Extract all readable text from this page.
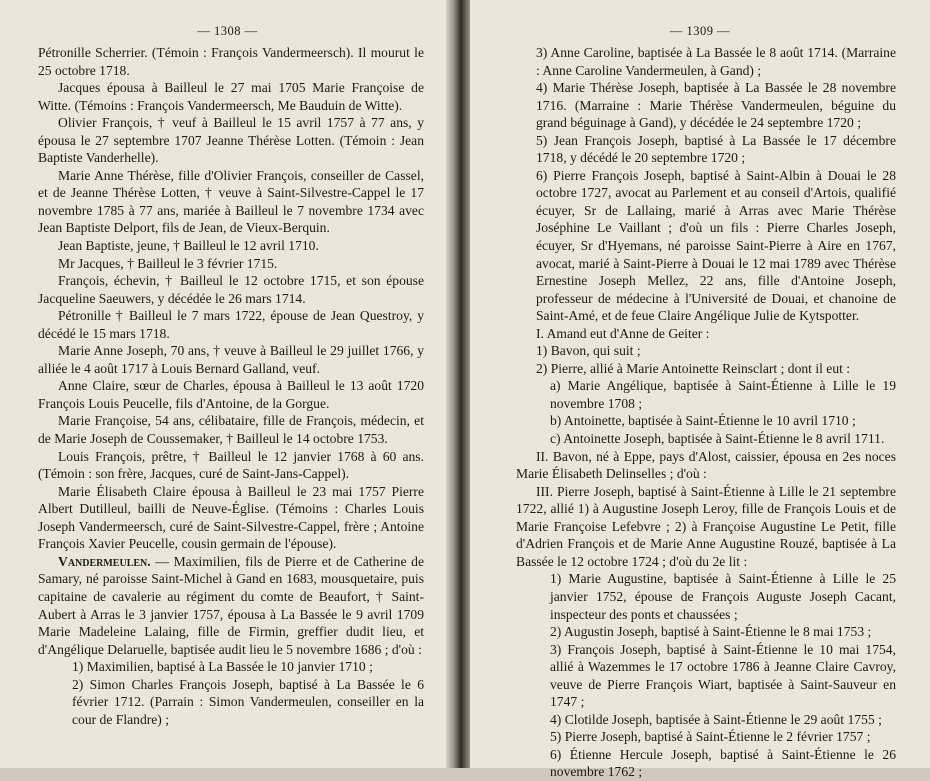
— 1308 —

Pétronille Scherrier. (Témoin : François Vandermeersch). Il mourut le 25 octobre 1718.

Jacques épousa à Bailleul le 27 mai 1705 Marie Françoise de Witte. (Témoins : François Vandermeersch, Me Bauduin de Witte).

Olivier François, † veuf à Bailleul le 15 avril 1757 à 77 ans, y épousa le 27 septembre 1707 Jeanne Thérèse Lotten. (Témoin : Jean Baptiste Vanderhelle).

Marie Anne Thérèse, fille d'Olivier François, conseiller de Cassel, et de Jeanne Thérèse Lotten, † veuve à Saint-Silvestre-Cappel le 17 novembre 1785 à 77 ans, mariée à Bailleul le 7 novembre 1734 avec Jean Baptiste Delport, fils de Jean, de Vieux-Berquin.

Jean Baptiste, jeune, † Bailleul le 12 avril 1710.

Mr Jacques, † Bailleul le 3 février 1715.

François, échevin, † Bailleul le 12 octobre 1715, et son épouse Jacqueline Saeuwers, y décédée le 26 mars 1714.

Pétronille † Bailleul le 7 mars 1722, épouse de Jean Questroy, y décédé le 15 mars 1718.

Marie Anne Joseph, 70 ans, † veuve à Bailleul le 29 juillet 1766, y alliée le 4 août 1717 à Louis Bernard Galland, veuf.

Anne Claire, sœur de Charles, épousa à Bailleul le 13 août 1720 François Louis Peucelle, fils d'Antoine, de la Gorgue.

Marie Françoise, 54 ans, célibataire, fille de François, médecin, et de Marie Joseph de Coussemaker, † Bailleul le 14 octobre 1753.

Louis François, prêtre, † Bailleul le 12 janvier 1768 à 60 ans. (Témoin : son frère, Jacques, curé de Saint-Jans-Cappel).

Marie Élisabeth Claire épousa à Bailleul le 23 mai 1757 Pierre Albert Dutilleul, bailli de Neuve-Église. (Témoins : Charles Louis Joseph Vandermeersch, curé de Saint-Silvestre-Cappel, frère ; Antoine François Xavier Peucelle, cousin germain de l'épouse).

Vandermeulen. — Maximilien, fils de Pierre et de Catherine de Samary, né paroisse Saint-Michel à Gand en 1683, mousquetaire, puis capitaine de cavalerie au régiment du comte de Beaufort, † Saint-Aubert à Arras le 3 janvier 1757, épousa à La Bassée le 9 avril 1709 Marie Madeleine Lalaing, fille de Firmin, greffier dudit lieu, et d'Angélique Delaruelle, baptisée audit lieu le 5 novembre 1686 ; d'où :

1) Maximilien, baptisé à La Bassée le 10 janvier 1710 ;

2) Simon Charles François Joseph, baptisé à La Bassée le 6 février 1712. (Parrain : Simon Vandermeulen, conseiller en la cour de Flandre) ;

— 1309 —

3) Anne Caroline, baptisée à La Bassée le 8 août 1714. (Marraine : Anne Caroline Vandermeulen, à Gand) ;

4) Marie Thérèse Joseph, baptisée à La Bassée le 28 novembre 1716. (Marraine : Marie Thérèse Vandermeulen, béguine du grand béguinage à Gand), y décédée le 24 septembre 1720 ;

5) Jean François Joseph, baptisé à La Bassée le 17 décembre 1718, y décédé le 20 septembre 1720 ;

6) Pierre François Joseph, baptisé à Saint-Albin à Douai le 28 octobre 1727, avocat au Parlement et au conseil d'Artois, qualifié écuyer, Sr de Lallaing, marié à Arras avec Marie Thérèse Joséphine Le Vaillant ; d'où un fils : Pierre Charles Joseph, écuyer, Sr d'Hyemans, né paroisse Saint-Pierre à Aire en 1767, avocat, marié à Saint-Pierre à Douai le 12 mai 1789 avec Thérèse Ernestine Joseph Mellez, 22 ans, fille d'Antoine Joseph, professeur de médecine à l'Université de Douai, et chanoine de Saint-Amé, et de feue Claire Angélique Julie de Kytspotter.

I. Amand eut d'Anne de Geiter :

1) Bavon, qui suit ;

2) Pierre, allié à Marie Antoinette Reinsclart ; dont il eut :

a) Marie Angélique, baptisée à Saint-Étienne à Lille le 19 novembre 1708 ;

b) Antoinette, baptisée à Saint-Étienne le 10 avril 1710 ;

c) Antoinette Joseph, baptisée à Saint-Étienne le 8 avril 1711.

II. Bavon, né à Eppe, pays d'Alost, caissier, épousa en 2es noces Marie Élisabeth Delinselles ; d'où :

III. Pierre Joseph, baptisé à Saint-Étienne à Lille le 21 septembre 1722, allié 1) à Augustine Joseph Leroy, fille de François Louis et de Marie Françoise Lefebvre ; 2) à Françoise Augustine Le Petit, fille d'Adrien François et de Marie Anne Augustine Rouzé, baptisée à La Bassée le 12 octobre 1724 ; d'où du 2e lit :

1) Marie Augustine, baptisée à Saint-Étienne à Lille le 25 janvier 1752, épouse de François Auguste Joseph Cacant, inspecteur des ponts et chaussées ;

2) Augustin Joseph, baptisé à Saint-Étienne le 8 mai 1753 ;

3) François Joseph, baptisé à Saint-Étienne le 10 mai 1754, allié à Wazemmes le 17 octobre 1786 à Jeanne Claire Cavroy, veuve de Pierre François Wiart, baptisée à Saint-Sauveur en 1747 ;

4) Clotilde Joseph, baptisée à Saint-Étienne le 29 août 1755 ;

5) Pierre Joseph, baptisé à Saint-Étienne le 2 février 1757 ;

6) Étienne Hercule Joseph, baptisé à Saint-Étienne le 26 novembre 1762 ;
